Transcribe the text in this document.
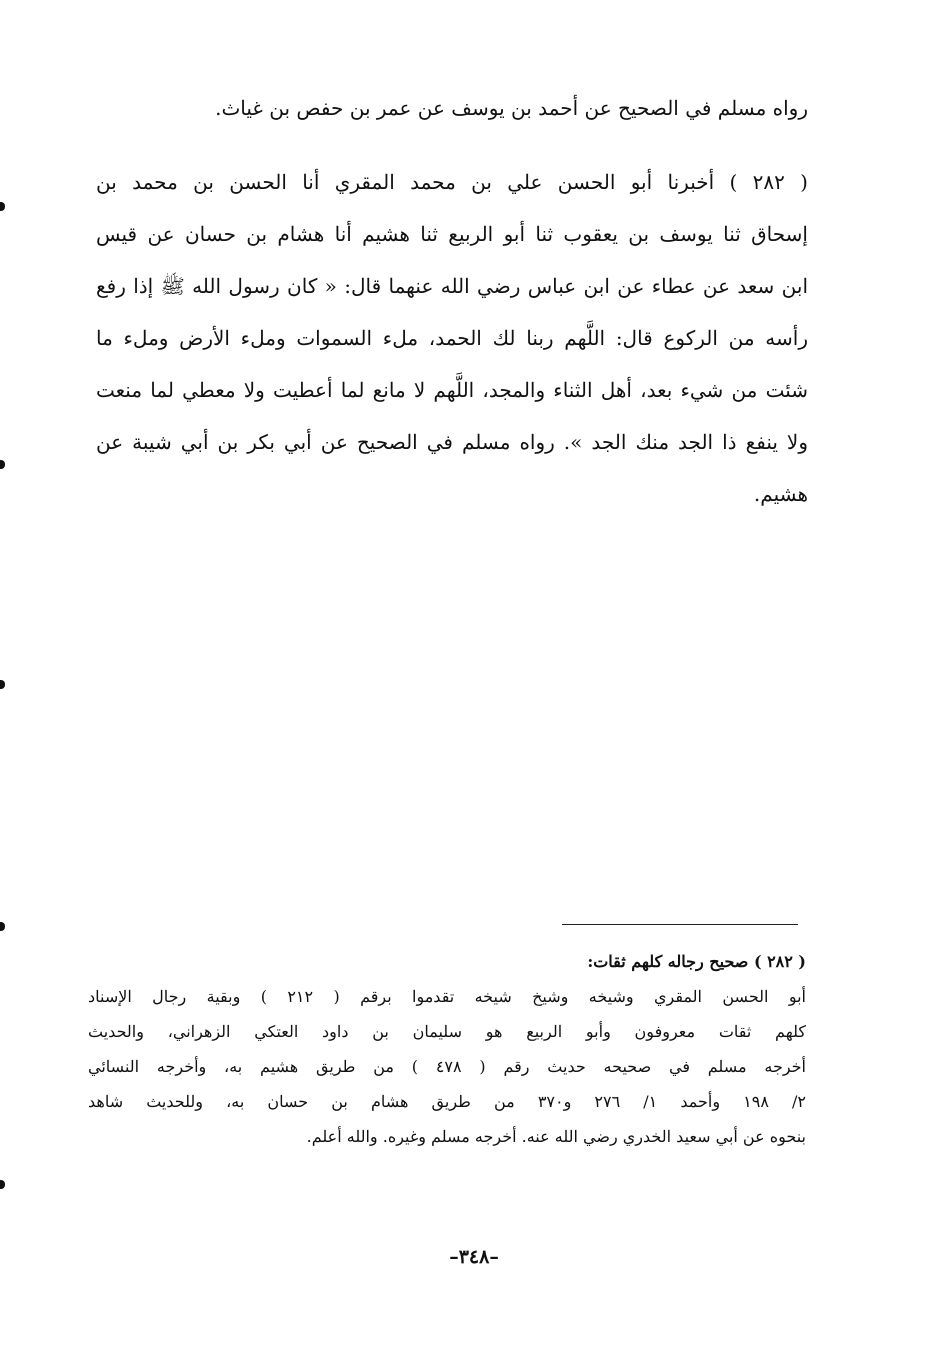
رواه مسلم في الصحيح عن أحمد بن يوسف عن عمر بن حفص بن غياث.

( ٢٨٢ ) أخبرنا أبو الحسن علي بن محمد المقري أنا الحسن بن محمد بن
إسحاق ثنا يوسف بن يعقوب ثنا أبو الربيع ثنا هشيم أنا هشام بن حسان عن قيس
ابن سعد عن عطاء عن ابن عباس رضي الله عنهما قال: « كان رسول الله ﷺ إذا رفع
رأسه من الركوع قال: اللَّهم ربنا لك الحمد، ملء السموات وملء الأرض وملء ما
شئت من شيء بعد، أهل الثناء والمجد، اللَّهم لا مانع لما أعطيت ولا معطي لما منعت
ولا ينفع ذا الجد منك الجد ». رواه مسلم في الصحيح عن أبي بكر بن أبي شيبة عن
هشيم.
( ٢٨٢ ) صحيح رجاله كلهم ثقات:
أبو الحسن المقري وشيخه وشيخ شيخه تقدموا برقم ( ٢١٢ ) وبقية رجال الإسناد
كلهم ثقات معروفون وأبو الربيع هو سليمان بن داود العتكي الزهراني، والحديث
أخرجه مسلم في صحيحه حديث رقم ( ٤٧٨ ) من طريق هشيم به، وأخرجه النسائي
٢/ ١٩٨ وأحمد ١/ ٢٧٦ و٣٧٠ من طريق هشام بن حسان به، وللحديث شاهد
بنحوه عن أبي سعيد الخدري رضي الله عنه. أخرجه مسلم وغيره. والله أعلم.
–٣٤٨–
